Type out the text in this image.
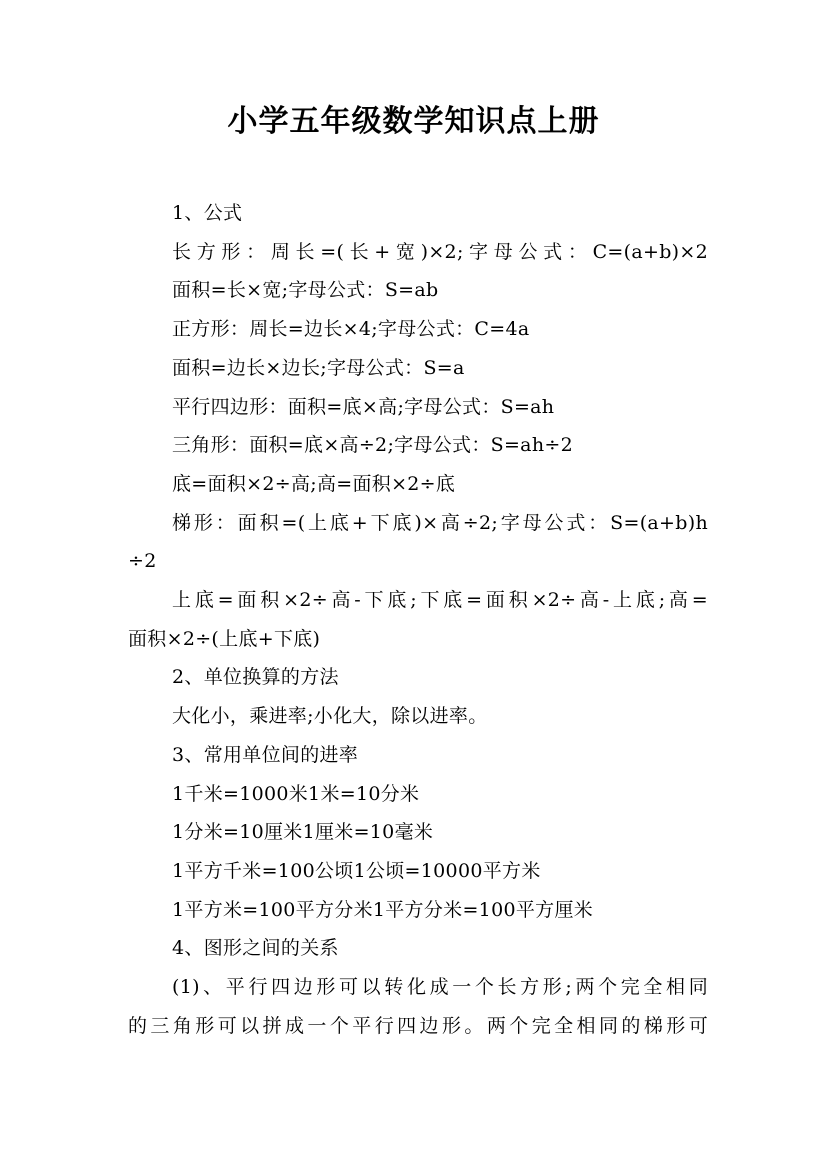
小学五年级数学知识点上册
1、公式
长方形：周长=(长+宽)×2;字母公式：C=(a+b)×2
面积=长×宽;字母公式：S=ab
正方形：周长=边长×4;字母公式：C=4a
面积=边长×边长;字母公式：S=a
平行四边形：面积=底×高;字母公式：S=ah
三角形：面积=底×高÷2;字母公式：S=ah÷2
底=面积×2÷高;高=面积×2÷底
梯形：面积=(上底+下底)×高÷2;字母公式：S=(a+b)h
÷2
上底=面积×2÷高-下底;下底=面积×2÷高-上底;高=
面积×2÷(上底+下底)
2、单位换算的方法
大化小，乘进率;小化大，除以进率。
3、常用单位间的进率
1千米=1000米1米=10分米
1分米=10厘米1厘米=10毫米
1平方千米=100公顷1公顷=10000平方米
1平方米=100平方分米1平方分米=100平方厘米
4、图形之间的关系
(1)、平行四边形可以转化成一个长方形;两个完全相同
的三角形可以拼成一个平行四边形。两个完全相同的梯形可
